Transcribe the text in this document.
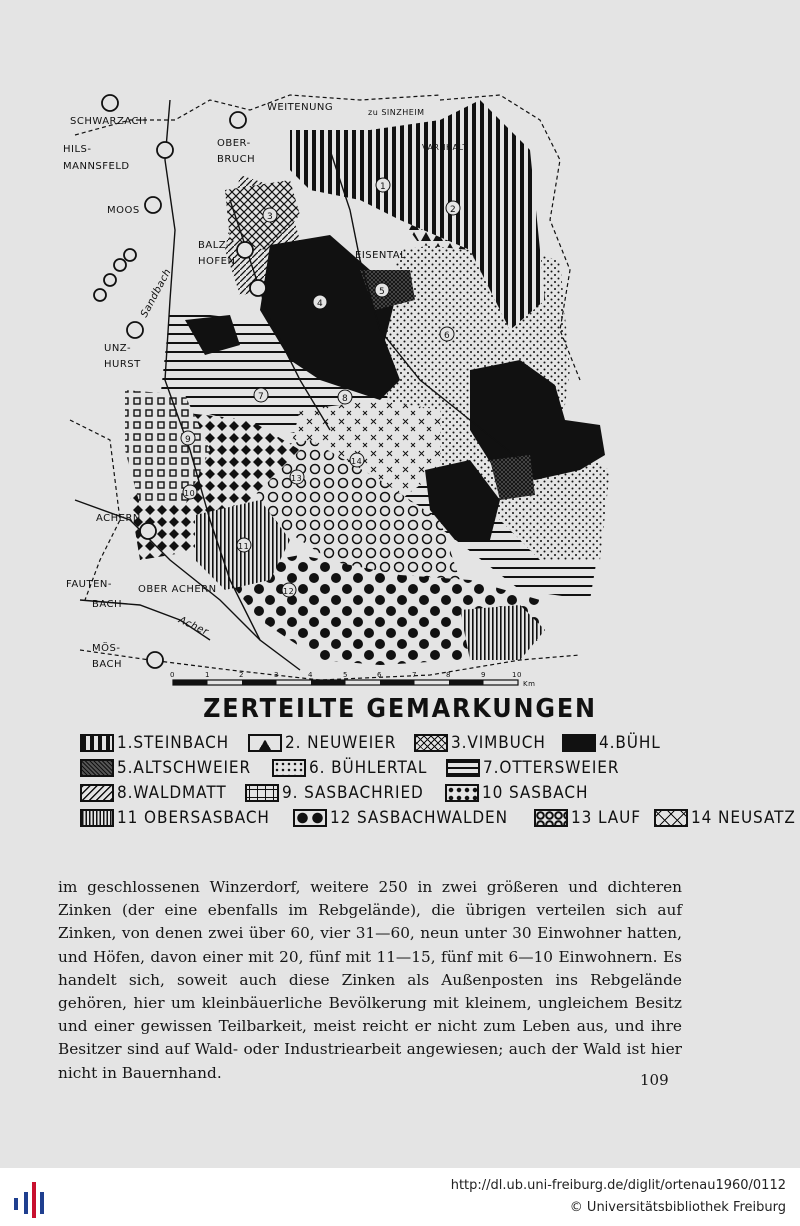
SCHWARZACH
HILS-
MANNSFELD
MOOS
OBER-
BRUCH
WEITENUNG	zu SINZHEIM
VARNHALT
BALZ-
HOFEN
EISENTAL
UNZ-
HURST
ACHERN
FAUTEN-
BACH
OBER ACHERN
MÖS-
BACH
Sandbach
Acher
1
2
3
4
5
6
7	8
9
10
11
12
13
14
0	1	2	3	4	5	6	7	8	9	10
Km
ZERTEILTE GEMARKUNGEN
1.STEINBACH	2. NEUWEIER	3.VIMBUCH	4.BÜHL
5.ALTSCHWEIER	6. BÜHLERTAL	7.OTTERSWEIER
8.WALDMATT	9. SASBACHRIED	10 SASBACH
11 OBERSASBACH	12 SASBACHWALDEN	13 LAUF	14 NEUSATZ
im geschlossenen Winzerdorf, weitere 250 in zwei größeren und dichteren Zinken (der eine ebenfalls im Rebgelände), die übrigen verteilen sich auf Zinken, von denen zwei über 60, vier 31—60, neun unter 30 Einwohner hatten, und Höfen, davon einer mit 20, fünf mit 11—15, fünf mit 6—10 Einwohnern. Es handelt sich, soweit auch diese Zinken als Außenposten ins Rebgelände gehören, hier um kleinbäuerliche Bevölkerung mit kleinem, ungleichem Besitz und einer gewissen Teilbarkeit, meist reicht er nicht zum Leben aus, und ihre Besitzer sind auf Wald- oder Industriearbeit angewiesen; auch der Wald ist hier nicht in Bauernhand.	109
http://dl.ub.uni-freiburg.de/diglit/ortenau1960/0112
© Universitätsbibliothek Freiburg
